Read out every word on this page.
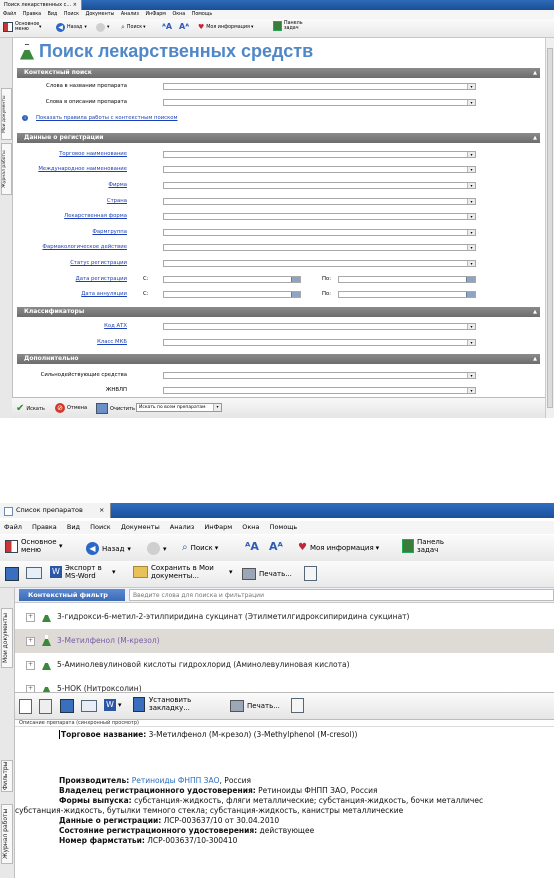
Поиск лекарственных с... ×
Файл Правка Вид Поиск Документы Анализ ИнФарм Окна Помощь
Основное меню	▾	◀ Назад ▾	▾ ⌕ Поиск ▾ ᴬA Aᴬ ♥ Моя информация ▾
Панель задач
Мои документы
Журнал работы
Поиск лекарственных средств
Контекстный поиск	▲
Слова в названии препарата	▾
Слова в описании препарата	▾
i	Показать правила работы с контекстным поиском
Данные о регистрации	▲
Торговое наименование	▾
Международное наименование	▾
Фирма	▾
Страна	▾
Лекарственная форма	▾
Фармгруппа	▾
Фармакологическое действие	▾
Статус регистрации	▾
Дата регистрации	С:	По:
Дата аннуляции	С:	По:
Классификаторы	▲
Код АТХ	▾
Класс МКБ	▾
Дополнительно	▲
Сильнодействующие средства	▾
ЖНВЛП	▾
✔ Искать ⊘ Отмена	Очистить Искать по всем препаратам	▾
Список препаратов ×
Файл Правка Вид Поиск Документы Анализ ИнФарм Окна Помощь
Основное меню	▾	◀ Назад ▾	▾ ⌕ Поиск ▾ ᴬA Aᴬ ♥ Моя информация ▾
Панель задач
W Экспорт в MS-Word	▾	Сохранить в Мои документы...	▾	Печать...
Мои документы
Фильтры
Журнал работы
Контекстный фильтр
Введите слова для поиска и фильтрации
+	3-гидрокси-6-метил-2-этилпиридина сукцинат (Этилметилгидроксипиридина сукцинат)
+	3-Метилфенол (М-крезол)
+	5-Аминолевулиновой кислоты гидрохлорид (Аминолевулиновая кислота)
+	5-НОК (Нитроксолин)
W ▾
Установить закладку...	Печать...
Описание препарата (синхронный просмотр)
Торговое название: 3-Метилфенол (М-крезол) (3-Methylphenol (M-cresol))
Производитель: Ретиноиды ФНПП ЗАО, Россия
Владелец регистрационного удостоверения: Ретиноиды ФНПП ЗАО, Россия
Формы выпуска: субстанция-жидкость, фляги металлические; субстанция-жидкость, бочки металличес
субстанция-жидкость, бутылки темного стекла; субстанция-жидкость, канистры металлические
Данные о регистрации: ЛСР-003637/10 от 30.04.2010
Состояние регистрационного удостоверения: действующее
Номер фармстатьи: ЛСР-003637/10-300410
